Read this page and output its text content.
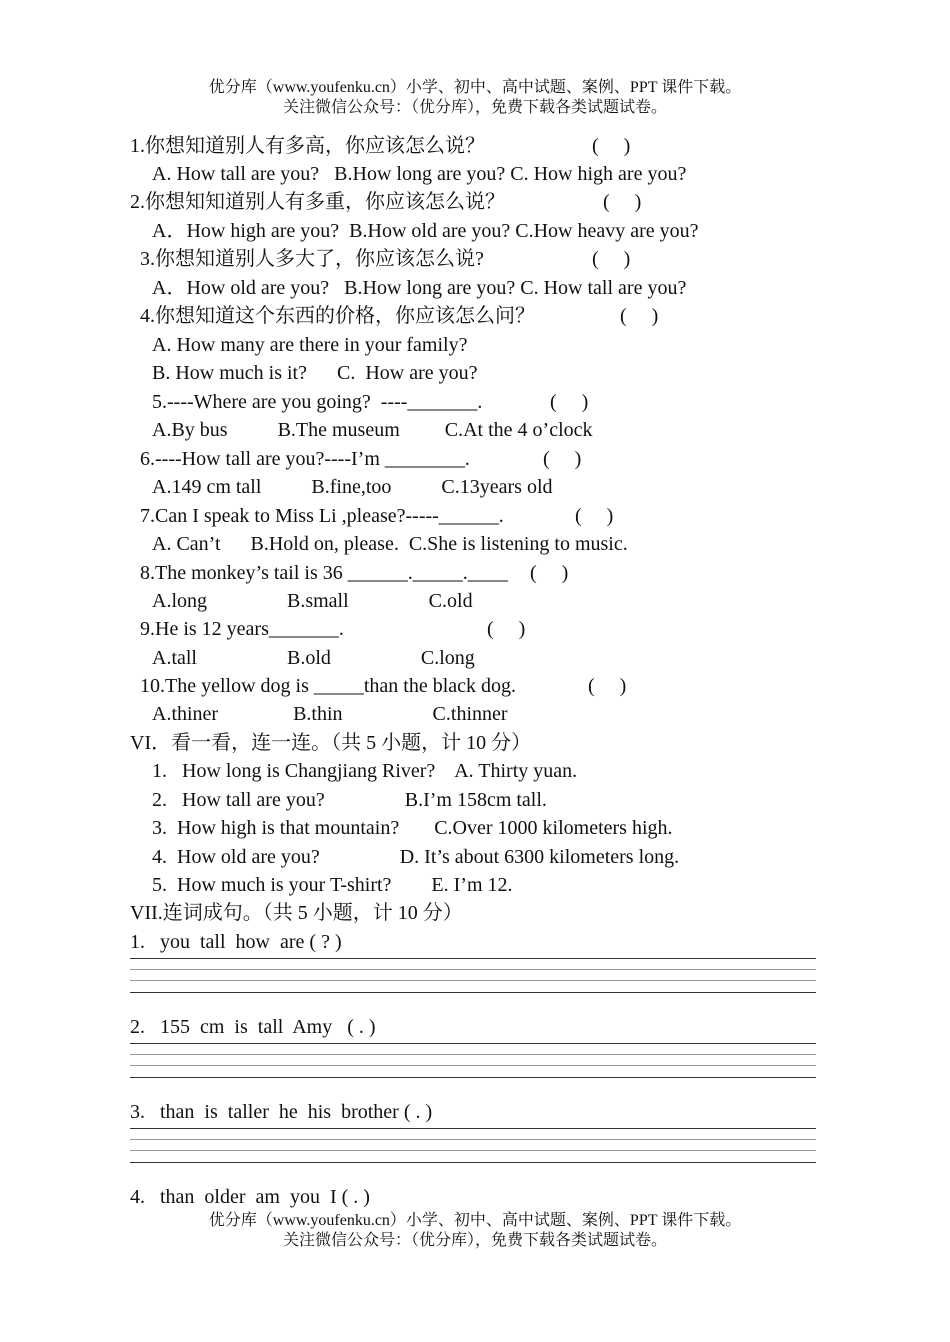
优分库（www.youfenku.cn）小学、初中、高中试题、案例、PPT 课件下载。
关注微信公众号：（优分库），免费下载各类试题试卷。
1.你想知道别人有多高，你应该怎么说？	(     )
A. How tall are you?   B.How long are you? C. How high are you?
2.你想知知道别人有多重，你应该怎么说？	(     )
A．How high are you?  B.How old are you? C.How heavy are you?
3.你想知道别人多大了，你应该怎么说?	(     )
A．How old are you?   B.How long are you? C. How tall are you?
4.你想知道这个东西的价格，你应该怎么问？	(     )
A. How many are there in your family?
B. How much is it?      C.  How are you?
5.----Where are you going?  ----_______.	(     )
A.By bus          B.The museum         C.At the 4 o’clock
6.----How tall are you?----I’m ________.	(     )
A.149 cm tall          B.fine,too          C.13years old
7.Can I speak to Miss Li ,please?-----______.	(     )
A. Can’t      B.Hold on, please.  C.She is listening to music.
8.The monkey’s tail is 36 ______._____.____ (     )
A.long                B.small                C.old
9.He is 12 years_______.	(     )
A.tall                  B.old                  C.long
10.The yellow dog is _____than the black dog.	(     )
A.thiner               B.thin                  C.thinner
VI．看一看，连一连。（共 5 小题，计 10 分）
1.   How long is Changjiang River?    A. Thirty yuan.
2.   How tall are you?                B.I’m 158cm tall.
3.  How high is that mountain?       C.Over 1000 kilometers high.
4.  How old are you?                D. It’s about 6300 kilometers long.
5.  How much is your T-shirt?        E. I’m 12.
VII.连词成句。（共 5 小题，计 10 分）
1.   you  tall  how  are ( ? )
2.   155  cm  is  tall  Amy   ( . )
3.   than  is  taller  he  his  brother ( . )
4.   than  older  am  you  I ( . )
优分库（www.youfenku.cn）小学、初中、高中试题、案例、PPT 课件下载。
关注微信公众号：（优分库），免费下载各类试题试卷。
